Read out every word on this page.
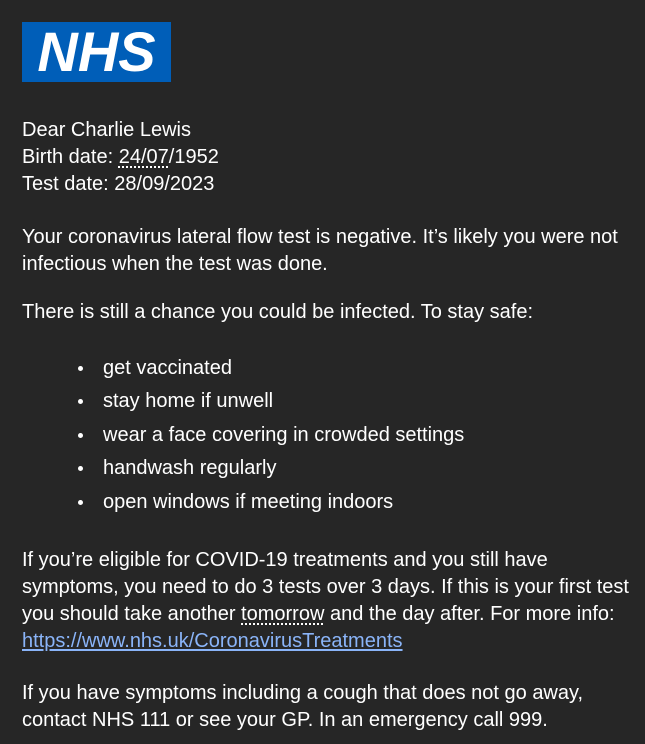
NHS
Dear Charlie Lewis
Birth date: 24/07/1952
Test date: 28/09/2023

Your coronavirus lateral flow test is negative. It’s likely you were not infectious when the test was done.

There is still a chance you could be infected. To stay safe:

get vaccinated
stay home if unwell
wear a face covering in crowded settings
handwash regularly
open windows if meeting indoors

If you’re eligible for COVID-19 treatments and you still have symptoms, you need to do 3 tests over 3 days. If this is your first test you should take another tomorrow and the day after. For more info: https://www.nhs.uk/CoronavirusTreatments

If you have symptoms including a cough that does not go away, contact NHS 111 or see your GP. In an emergency call 999.
